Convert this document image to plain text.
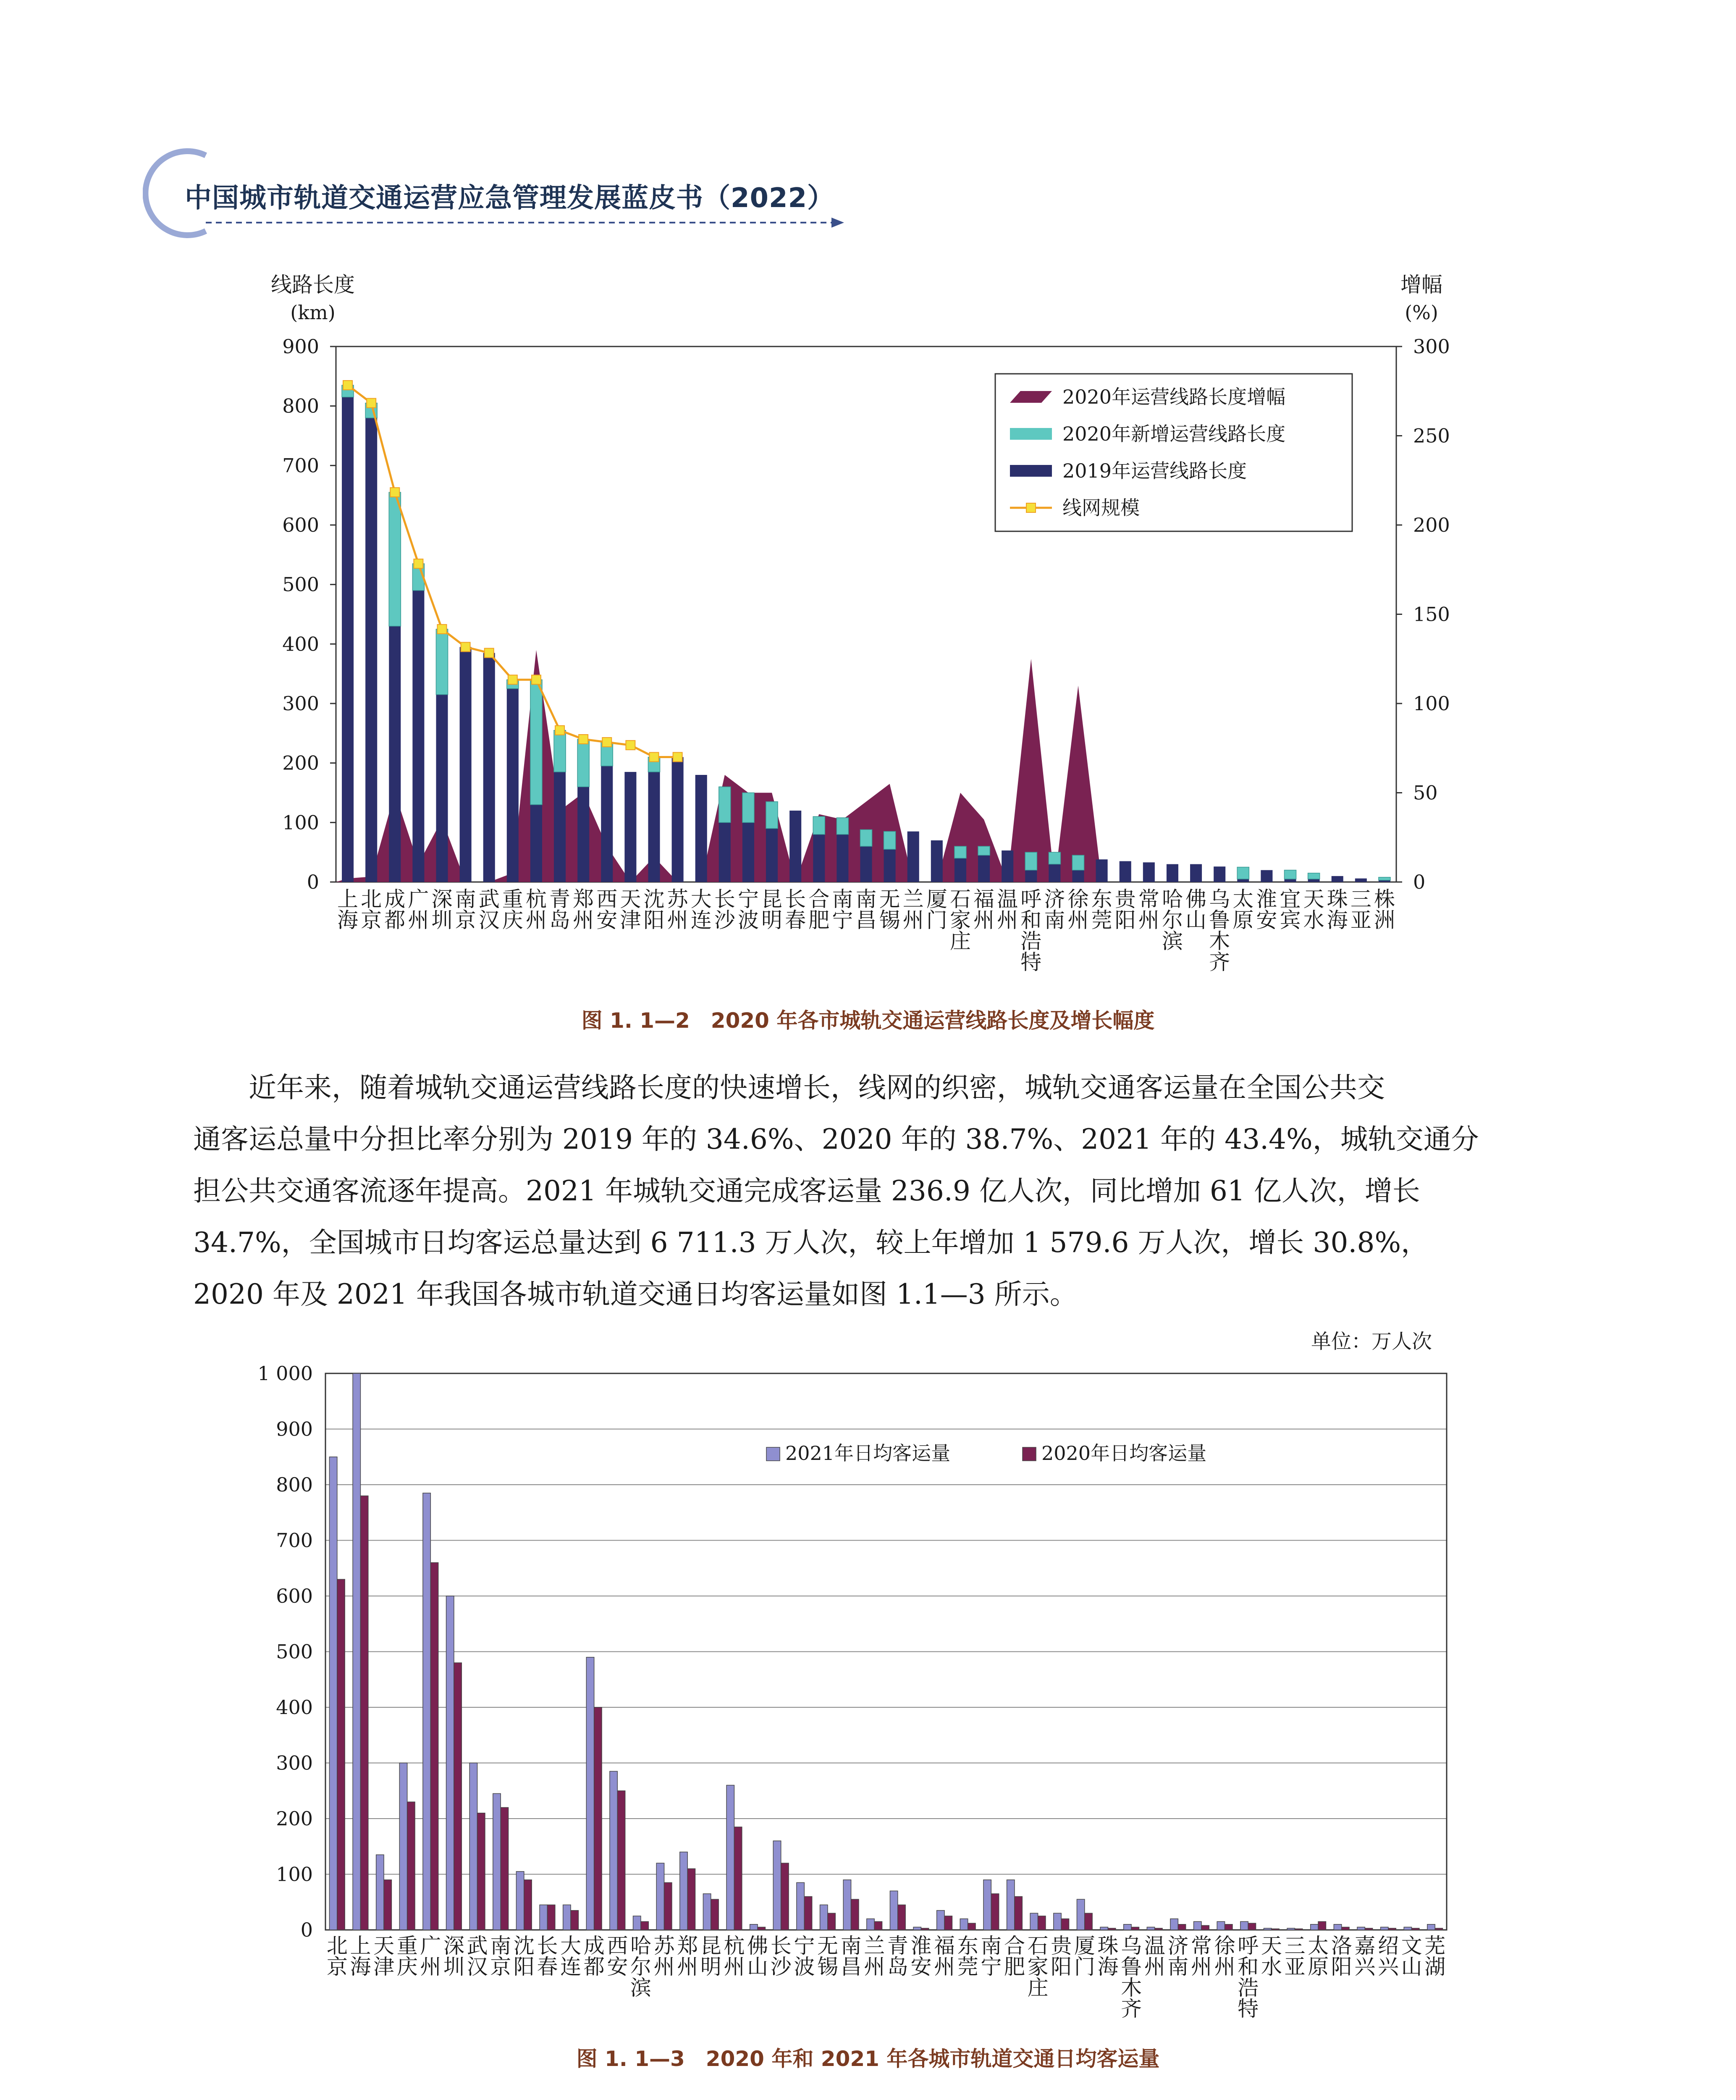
中国城市轨道交通运营应急管理发展蓝皮书（2022）
0
100
200
300
400
500
600
700
800
900
0
50
100
150
200
250
300
线路长度
(km)
增幅
(%)
上
海
北
京
成
都
广
州
深
圳
南
京
武
汉
重
庆
杭
州
青
岛
郑
州
西
安
天
津
沈
阳
苏
州
大
连
长
沙
宁
波
昆
明
长
春
合
肥
南
宁
南
昌
无
锡
兰
州
厦
门
石
家
庄
福
州
温
州
呼
和
浩
特
济
南
徐
州
东
莞
贵
阳
常
州
哈
尔
滨
佛
山
乌
鲁
木
齐
太
原
淮
安
宜
宾
天
水
珠
海
三
亚
株
洲
2020年运营线路长度增幅
2020年新增运营线路长度
2019年运营线路长度
线网规模
图 1. 1—2　2020 年各市城轨交通运营线路长度及增长幅度
近年来，随着城轨交通运营线路长度的快速增长，线网的织密，城轨交通客运量在全国公共交
通客运总量中分担比率分别为 2019 年的 34.6%、2020 年的 38.7%、2021 年的 43.4%，城轨交通分
担公共交通客流逐年提高。2021 年城轨交通完成客运量 236.9 亿人次，同比增加 61 亿人次，增长
34.7%，全国城市日均客运总量达到 6 711.3 万人次，较上年增加 1 579.6 万人次，增长 30.8%，
2020 年及 2021 年我国各城市轨道交通日均客运量如图 1.1—3 所示。
0
100
200
300
400
500
600
700
800
900
1 000
单位：万人次
北
京
上
海
天
津
重
庆
广
州
深
圳
武
汉
南
京
沈
阳
长
春
大
连
成
都
西
安
哈
尔
滨
苏
州
郑
州
昆
明
杭
州
佛
山
长
沙
宁
波
无
锡
南
昌
兰
州
青
岛
淮
安
福
州
东
莞
南
宁
合
肥
石
家
庄
贵
阳
厦
门
珠
海
乌
鲁
木
齐
温
州
济
南
常
州
徐
州
呼
和
浩
特
天
水
三
亚
太
原
洛
阳
嘉
兴
绍
兴
文
山
芜
湖
2021年日均客运量	2020年日均客运量
图 1. 1—3　2020 年和 2021 年各城市轨道交通日均客运量
